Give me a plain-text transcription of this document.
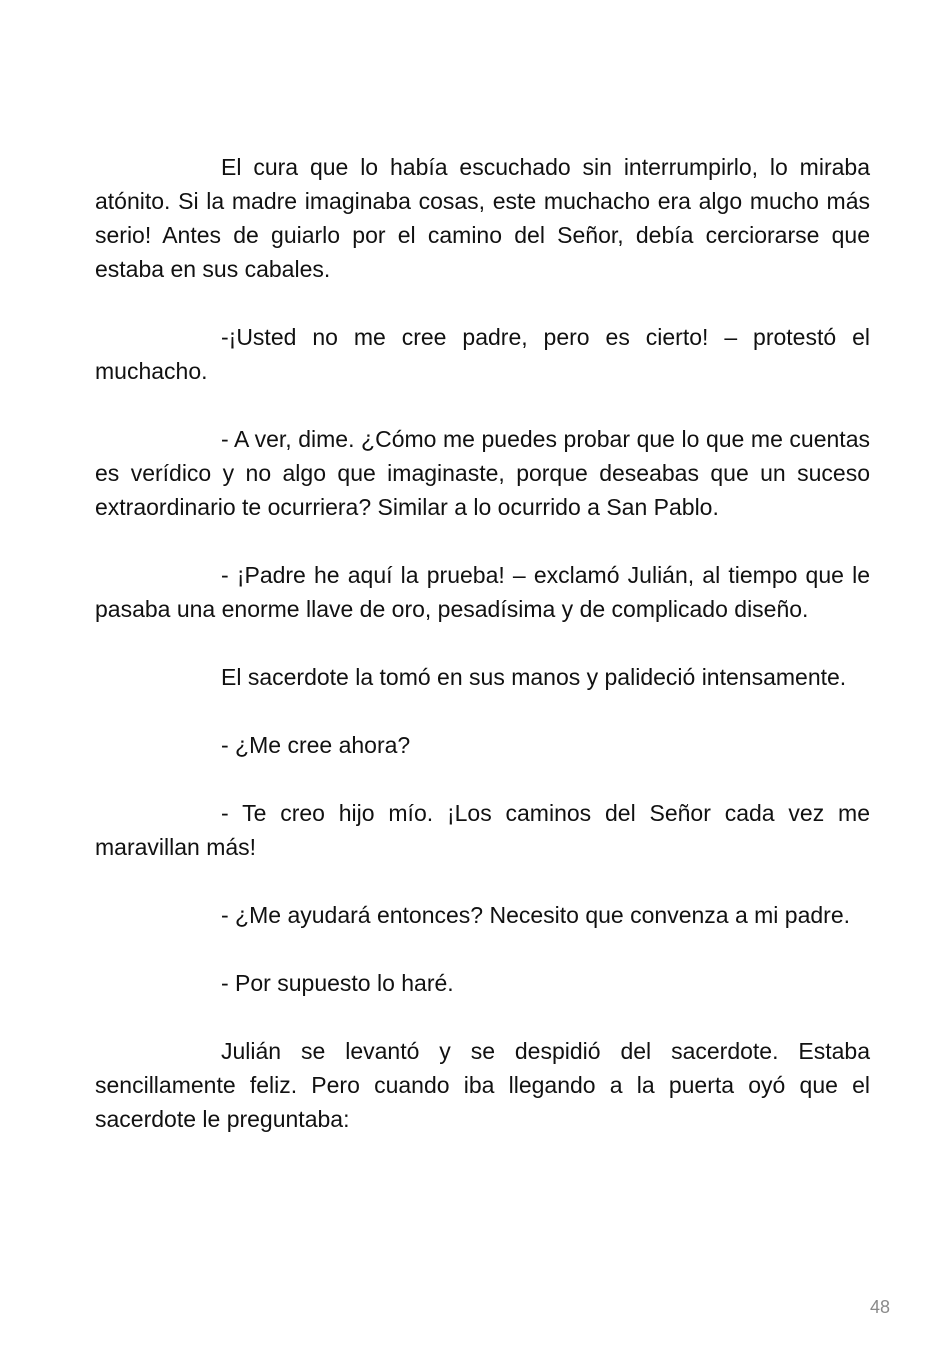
El cura que lo había escuchado sin interrumpirlo, lo miraba atónito. Si la madre imaginaba cosas, este muchacho era algo mucho más serio! Antes de guiarlo por el camino del Señor, debía cerciorarse que estaba en sus cabales.

-¡Usted no me cree padre, pero es cierto! – protestó el muchacho.

- A ver, dime. ¿Cómo me puedes probar que lo que me cuentas es verídico y no algo que imaginaste, porque deseabas que un suceso extraordinario te ocurriera? Similar a lo ocurrido a San Pablo.

- ¡Padre he aquí la prueba! – exclamó Julián, al tiempo que le pasaba una enorme llave de oro, pesadísima y de complicado diseño.

El sacerdote la tomó en sus manos y palideció intensamente.

- ¿Me cree ahora?

- Te creo hijo mío. ¡Los caminos del Señor cada vez me maravillan más!

- ¿Me ayudará entonces? Necesito que convenza a mi padre.

- Por supuesto lo haré.

Julián se levantó y se despidió del sacerdote. Estaba sencillamente feliz. Pero cuando iba llegando a la puerta oyó que el sacerdote le preguntaba:

48
